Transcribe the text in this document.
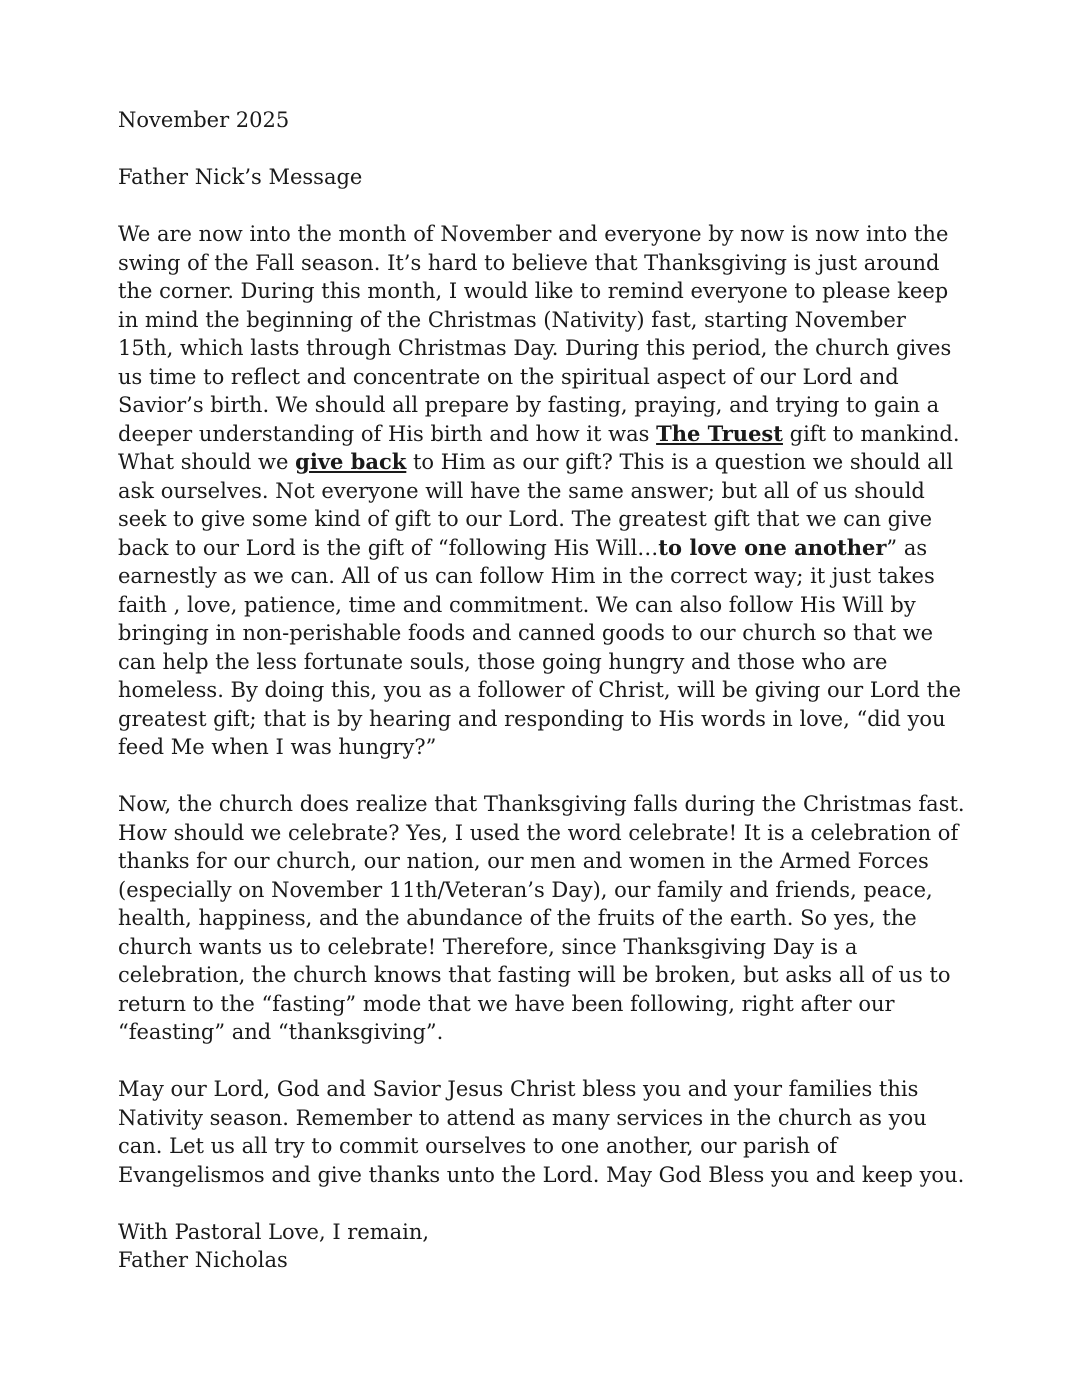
November 2025
Father Nick’s Message

We are now into the month of November and everyone by now is now into the swing of the Fall season. It’s hard to believe that Thanksgiving is just around the corner. During this month, I would like to remind everyone to please keep in mind the beginning of the Christmas (Nativity) fast, starting November 15th, which lasts through Christmas Day. During this period, the church gives us time to reflect and concentrate on the spiritual aspect of our Lord and Savior’s birth. We should all prepare by fasting, praying, and trying to gain a deeper understanding of His birth and how it was The Truest gift to mankind. What should we give back to Him as our gift? This is a question we should all ask ourselves. Not everyone will have the same answer; but all of us should seek to give some kind of gift to our Lord. The greatest gift that we can give back to our Lord is the gift of “following His Will…to love one another” as earnestly as we can. All of us can follow Him in the correct way; it just takes faith , love, patience, time and commitment. We can also follow His Will by bringing in non-perishable foods and canned goods to our church so that we can help the less fortunate souls, those going hungry and those who are homeless. By doing this, you as a follower of Christ, will be giving our Lord the greatest gift; that is by hearing and responding to His words in love, “did you feed Me when I was hungry?”

Now, the church does realize that Thanksgiving falls during the Christmas fast. How should we celebrate? Yes, I used the word celebrate! It is a celebration of thanks for our church, our nation, our men and women in the Armed Forces (especially on November 11th/Veteran’s Day), our family and friends, peace, health, happiness, and the abundance of the fruits of the earth. So yes, the church wants us to celebrate! Therefore, since Thanksgiving Day is a celebration, the church knows that fasting will be broken, but asks all of us to return to the “fasting” mode that we have been following, right after our “feasting” and “thanksgiving”.

May our Lord, God and Savior Jesus Christ bless you and your families this Nativity season. Remember to attend as many services in the church as you can. Let us all try to commit ourselves to one another, our parish of Evangelismos and give thanks unto the Lord. May God Bless you and keep you.

With Pastoral Love, I remain,
Father Nicholas
